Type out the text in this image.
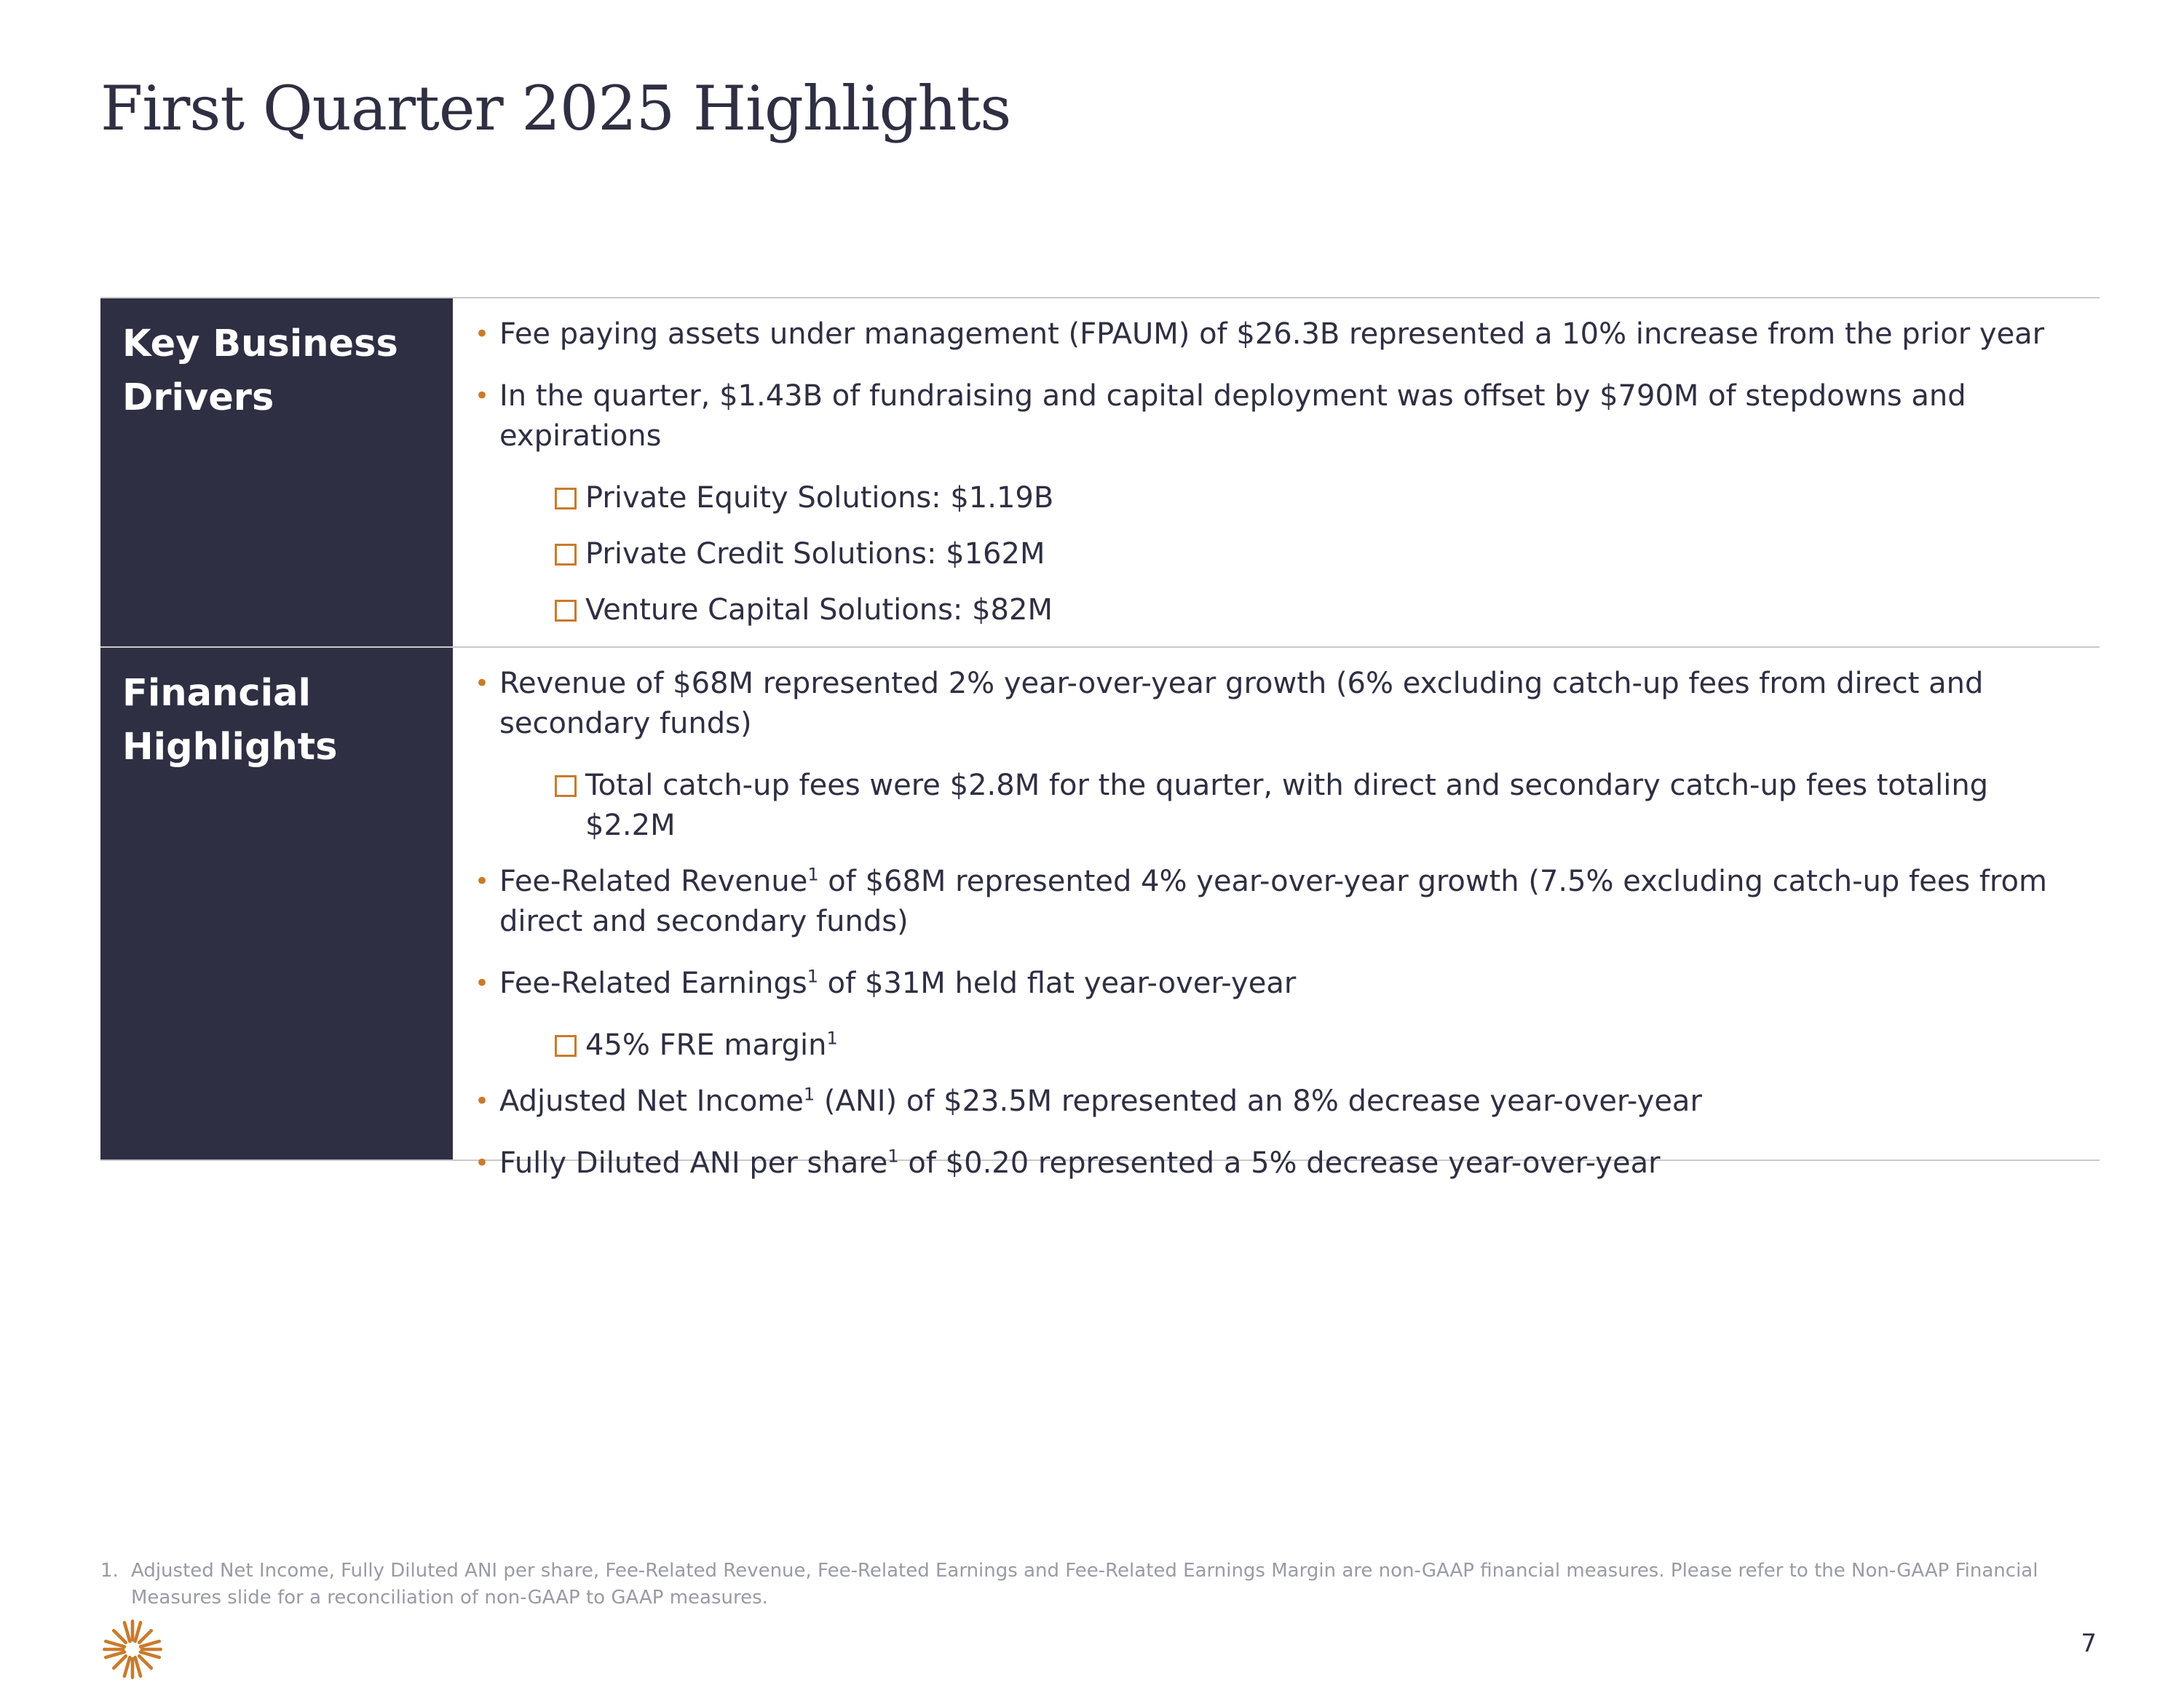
First Quarter 2025 Highlights
Key Business Drivers
• Fee paying assets under management (FPAUM) of $26.3B represented a 10% increase from the prior year
• In the quarter, $1.43B of fundraising and capital deployment was offset by $790M of stepdowns and expirations
Private Equity Solutions: $1.19B
Private Credit Solutions: $162M
Venture Capital Solutions: $82M
Financial Highlights
• Revenue of $68M represented 2% year-over-year growth (6% excluding catch-up fees from direct and secondary funds)
Total catch-up fees were $2.8M for the quarter, with direct and secondary catch-up fees totaling $2.2M
• Fee-Related Revenue$^1$ of $68M represented 4% year-over-year growth (7.5% excluding catch-up fees from direct and secondary funds)
• Fee-Related Earnings$^1$ of $31M held flat year-over-year
45% FRE margin$^1$
• Adjusted Net Income$^1$ (ANI) of $23.5M represented an 8% decrease year-over-year
• Fully Diluted ANI per share$^1$ of $0.20 represented a 5% decrease year-over-year
1. Adjusted Net Income, Fully Diluted ANI per share, Fee-Related Revenue, Fee-Related Earnings and Fee-Related Earnings Margin are non-GAAP financial measures. Please refer to the Non-GAAP Financial Measures slide for a reconciliation of non-GAAP to GAAP measures.
7
